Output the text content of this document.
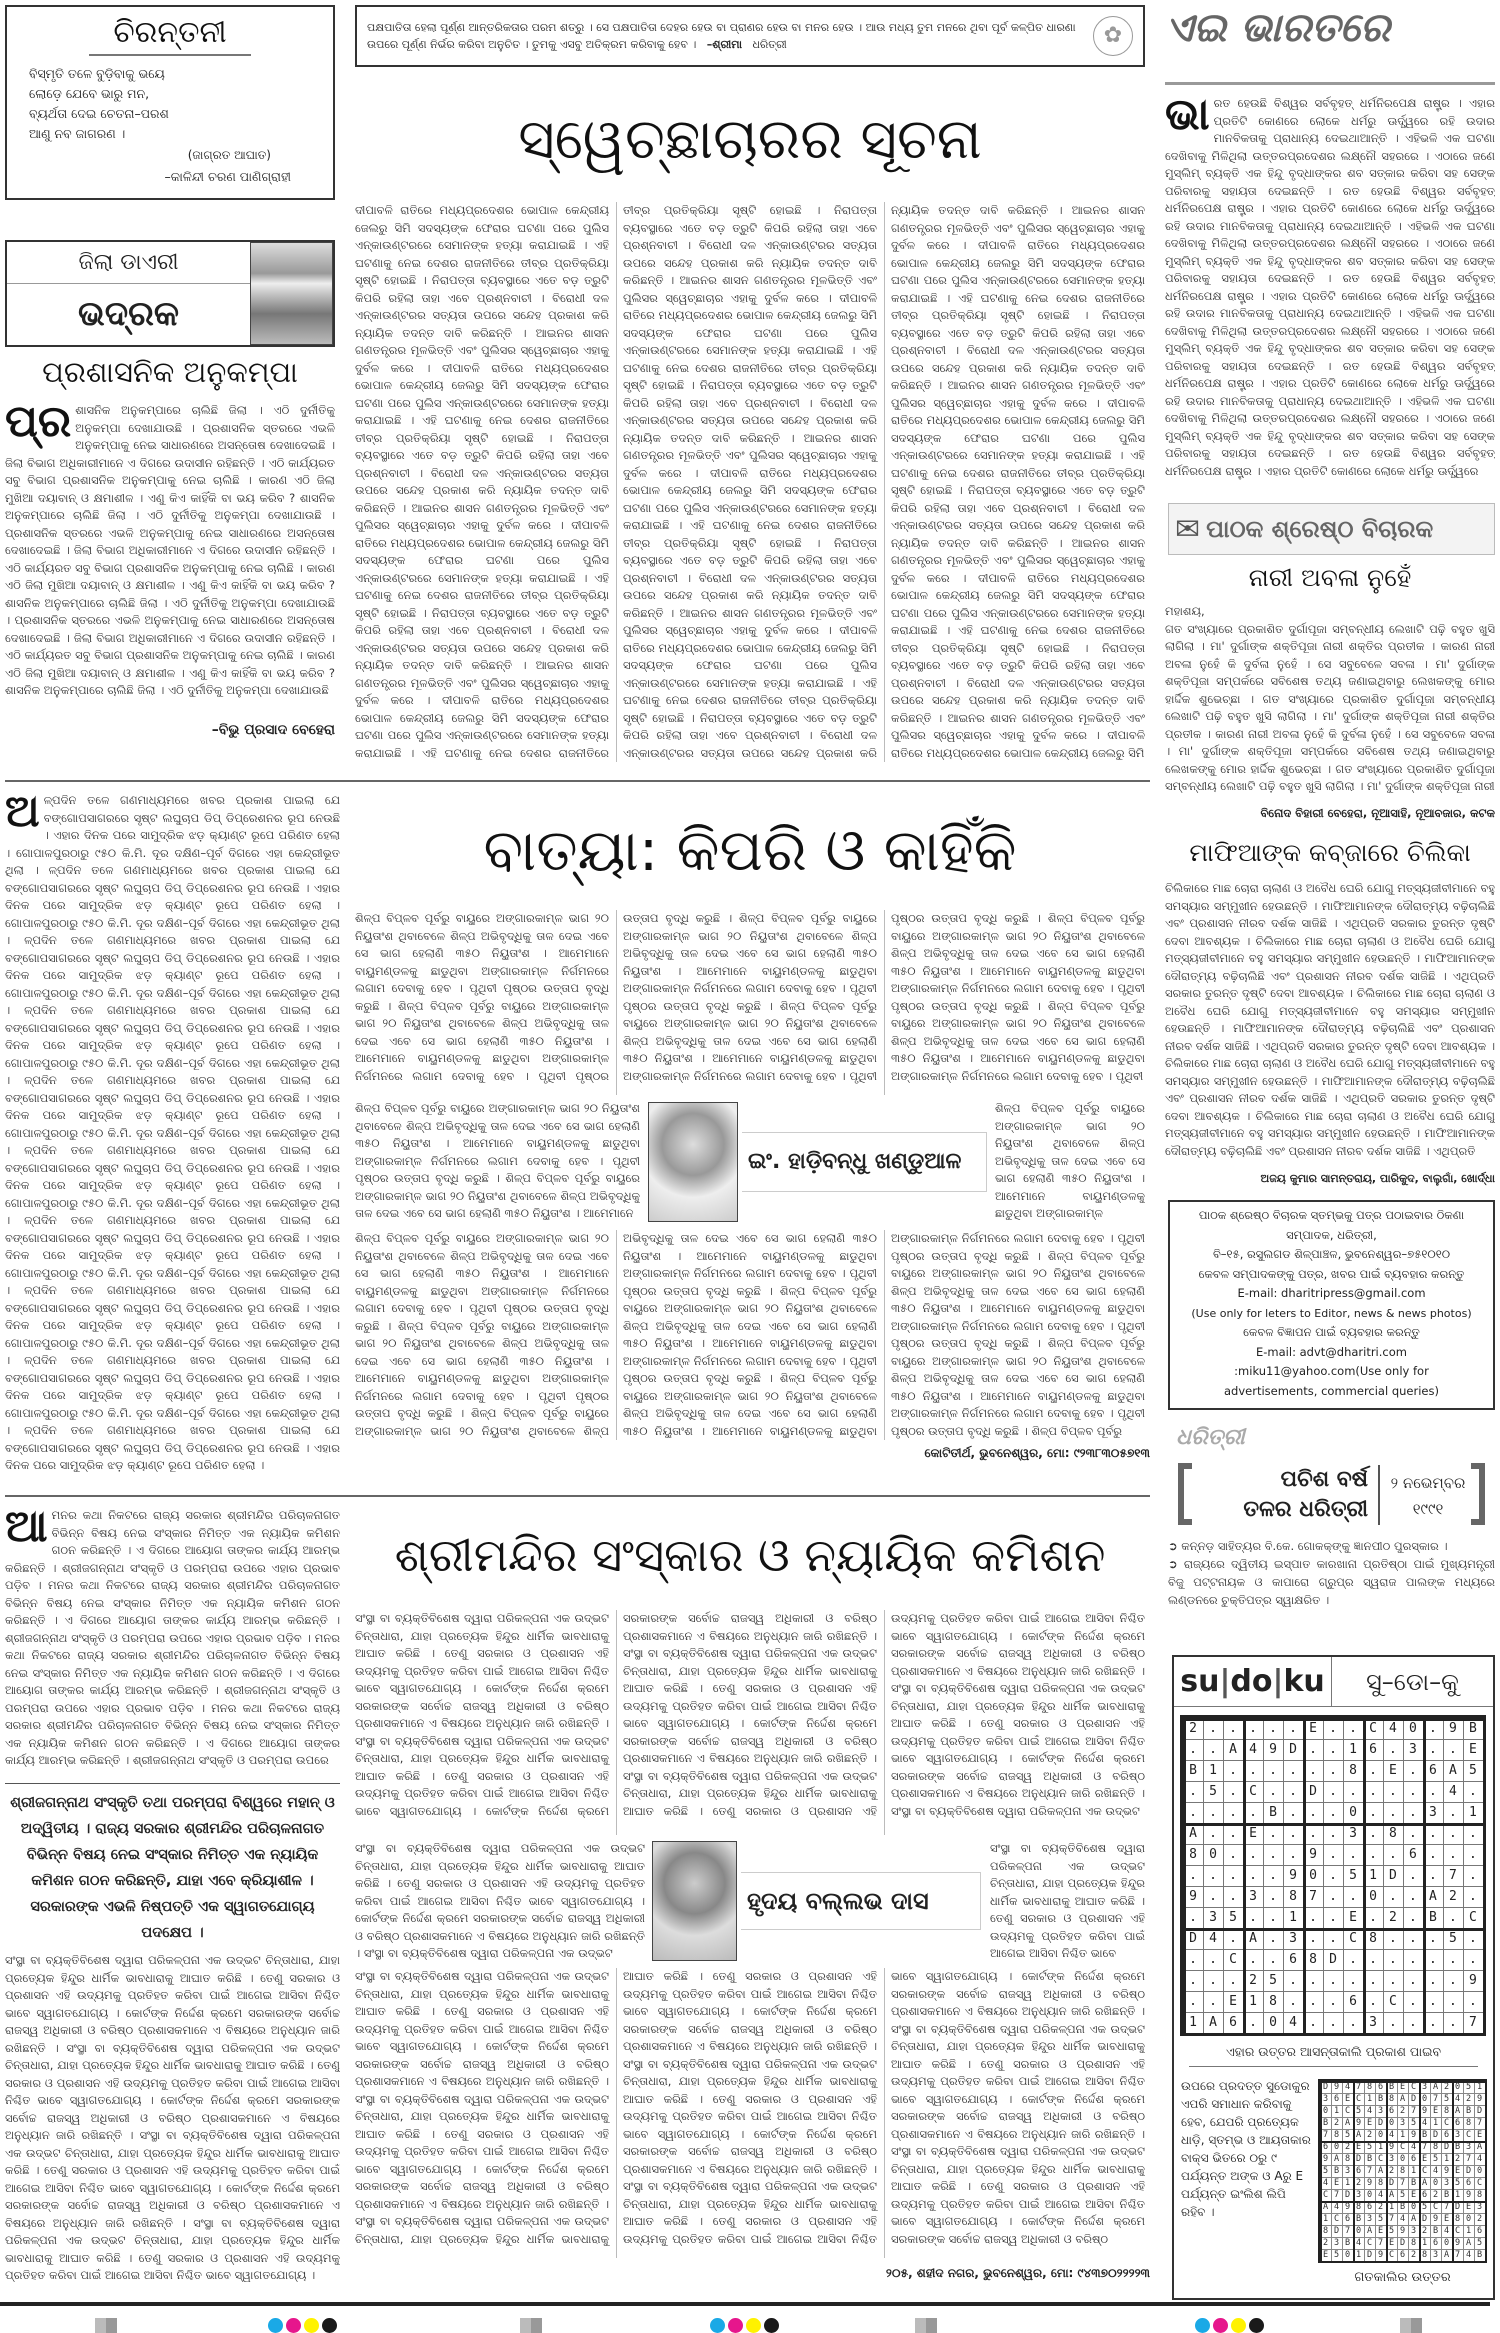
ଚିରନ୍ତନୀ
ବିସ୍ମୃତି ତଳେ ବୁଡ଼ିବାକୁ ଭୟେ
ଲୋଡ଼େ ଯେବେ ଭାରୁ ମନ,
ବ୍ୟର୍ଥତା ଦେଇ ଚେତନା–ପରଶ
ଆଣୁ ନବ ଜାଗରଣ ।
(ଜାଗ୍ରତ ଆଘାତ)
–କାଳିନ୍ଦୀ ଚରଣ ପାଣିଗ୍ରାହୀ
ଜିଲା ଡାଏରୀ
ଭଦ୍ରକ
ପ୍ରଶାସନିକ ଅନୁକମ୍ପା
ପ୍ର ଶାସନିକ ଅନୁକମ୍ପାରେ ଚାଲିଛି ଜିଲା । ଏଠି ଦୁର୍ନୀତିକୁ ଅନୁକମ୍ପା ଦେଖାଯାଉଛି । ପ୍ରଶାସନିକ ସ୍ତରରେ ଏଭଳି ଅନୁକମ୍ପାକୁ ନେଇ ସାଧାରଣରେ ଅସନ୍ତୋଷ ଦେଖାଦେଇଛି । ଜିଲା ବିଭାଗ ଅଧିକାରୀମାନେ ଏ ଦିଗରେ ଉଦାସୀନ ରହିଛନ୍ତି । ଏଠି କାର୍ଯ୍ୟରତ ସବୁ ବିଭାଗ ପ୍ରଶାସନିକ ଅନୁକମ୍ପାକୁ ନେଇ ଚାଲିଛି । କାରଣ ଏଠି ଜିଲା ମୁଖିଆ ଦୟାବାନ୍ ଓ କ୍ଷମାଶୀଳ । ଏଣୁ କିଏ କାହିଁକି ବା ଭୟ କରିବ ? ଶାସନିକ ଅନୁକମ୍ପାରେ ଚାଲିଛି ଜିଲା । ଏଠି ଦୁର୍ନୀତିକୁ ଅନୁକମ୍ପା ଦେଖାଯାଉଛି । ପ୍ରଶାସନିକ ସ୍ତରରେ ଏଭଳି ଅନୁକମ୍ପାକୁ ନେଇ ସାଧାରଣରେ ଅସନ୍ତୋଷ ଦେଖାଦେଇଛି । ଜିଲା ବିଭାଗ ଅଧିକାରୀମାନେ ଏ ଦିଗରେ ଉଦାସୀନ ରହିଛନ୍ତି । ଏଠି କାର୍ଯ୍ୟରତ ସବୁ ବିଭାଗ ପ୍ରଶାସନିକ ଅନୁକମ୍ପାକୁ ନେଇ ଚାଲିଛି । କାରଣ ଏଠି ଜିଲା ମୁଖିଆ ଦୟାବାନ୍ ଓ କ୍ଷମାଶୀଳ । ଏଣୁ କିଏ କାହିଁକି ବା ଭୟ କରିବ ? ଶାସନିକ ଅନୁକମ୍ପାରେ ଚାଲିଛି ଜିଲା । ଏଠି ଦୁର୍ନୀତିକୁ ଅନୁକମ୍ପା ଦେଖାଯାଉଛି । ପ୍ରଶାସନିକ ସ୍ତରରେ ଏଭଳି ଅନୁକମ୍ପାକୁ ନେଇ ସାଧାରଣରେ ଅସନ୍ତୋଷ ଦେଖାଦେଇଛି । ଜିଲା ବିଭାଗ ଅଧିକାରୀମାନେ ଏ ଦିଗରେ ଉଦାସୀନ ରହିଛନ୍ତି । ଏଠି କାର୍ଯ୍ୟରତ ସବୁ ବିଭାଗ ପ୍ରଶାସନିକ ଅନୁକମ୍ପାକୁ ନେଇ ଚାଲିଛି । କାରଣ ଏଠି ଜିଲା ମୁଖିଆ ଦୟାବାନ୍ ଓ କ୍ଷମାଶୀଳ । ଏଣୁ କିଏ କାହିଁକି ବା ଭୟ କରିବ ? ଶାସନିକ ଅନୁକମ୍ପାରେ ଚାଲିଛି ଜିଲା । ଏଠି ଦୁର୍ନୀତିକୁ ଅନୁକମ୍ପା ଦେଖାଯାଉଛି
–ବିଭୁ ପ୍ରସାଦ ବେହେରା
ପକ୍ଷପାତିତା ହେଲା ପୂର୍ଣ୍ଣ ଆନ୍ତରିକତାର ପରମ ଶତ୍ରୁ । ସେ ପକ୍ଷପାତିତା ଦେହର ହେଉ ବା ପ୍ରାଣର ହେଉ ବା ମନର ହେଉ । ଆଉ ମଧ୍ୟ ତୁମ ମନରେ ଥିବା ପୂର୍ବ କଳ୍ପିତ ଧାରଣା ଉପରେ ପୂର୍ଣ୍ଣ ନିର୍ଭର କରିବା ଅନୁଚିତ । ତୁମକୁ ଏସବୁ ଅତିକ୍ରମ କରିବାକୁ ହେବ । –ଶ୍ରୀମା ଧରିତ୍ରୀ	✿
ସ୍ୱେଚ୍ଛାଚାରର ସୂଚନା
ଦୀପାବଳି ରାତିରେ ମଧ୍ୟପ୍ରଦେଶର ଭୋପାଳ କେନ୍ଦ୍ରୀୟ ଜେଲରୁ ସିମି ସଦସ୍ୟଙ୍କ ଫେରାର ଘଟଣା ପରେ ପୁଲିସ ଏନ୍‌କାଉଣ୍ଟରରେ ସେମାନଙ୍କ ହତ୍ୟା କରାଯାଇଛି । ଏହି ଘଟଣାକୁ ନେଇ ଦେଶର ରାଜନୀତିରେ ତୀବ୍ର ପ୍ରତିକ୍ରିୟା ସୃଷ୍ଟି ହୋଇଛି । ନିରାପତ୍ତା ବ୍ୟବସ୍ଥାରେ ଏତେ ବଡ଼ ତ୍ରୁଟି କିପରି ରହିଲା ତାହା ଏବେ ପ୍ରଶ୍ନବାଚୀ । ବିରୋଧୀ ଦଳ ଏନ୍‌କାଉଣ୍ଟରର ସତ୍ୟତା ଉପରେ ସନ୍ଦେହ ପ୍ରକାଶ କରି ନ୍ୟାୟିକ ତଦନ୍ତ ଦାବି କରିଛନ୍ତି । ଆଇନର ଶାସନ ଗଣତନ୍ତ୍ରର ମୂଳଭିତ୍ତି ଏବଂ ପୁଲିସର ସ୍ୱେଚ୍ଛାଚାର ଏହାକୁ ଦୁର୍ବଳ କରେ । ଦୀପାବଳି ରାତିରେ ମଧ୍ୟପ୍ରଦେଶର ଭୋପାଳ କେନ୍ଦ୍ରୀୟ ଜେଲରୁ ସିମି ସଦସ୍ୟଙ୍କ ଫେରାର ଘଟଣା ପରେ ପୁଲିସ ଏନ୍‌କାଉଣ୍ଟରରେ ସେମାନଙ୍କ ହତ୍ୟା କରାଯାଇଛି । ଏହି ଘଟଣାକୁ ନେଇ ଦେଶର ରାଜନୀତିରେ ତୀବ୍ର ପ୍ରତିକ୍ରିୟା ସୃଷ୍ଟି ହୋଇଛି । ନିରାପତ୍ତା ବ୍ୟବସ୍ଥାରେ ଏତେ ବଡ଼ ତ୍ରୁଟି କିପରି ରହିଲା ତାହା ଏବେ ପ୍ରଶ୍ନବାଚୀ । ବିରୋଧୀ ଦଳ ଏନ୍‌କାଉଣ୍ଟରର ସତ୍ୟତା ଉପରେ ସନ୍ଦେହ ପ୍ରକାଶ କରି ନ୍ୟାୟିକ ତଦନ୍ତ ଦାବି କରିଛନ୍ତି । ଆଇନର ଶାସନ ଗଣତନ୍ତ୍ରର ମୂଳଭିତ୍ତି ଏବଂ ପୁଲିସର ସ୍ୱେଚ୍ଛାଚାର ଏହାକୁ ଦୁର୍ବଳ କରେ । ଦୀପାବଳି ରାତିରେ ମଧ୍ୟପ୍ରଦେଶର ଭୋପାଳ କେନ୍ଦ୍ରୀୟ ଜେଲରୁ ସିମି ସଦସ୍ୟଙ୍କ ଫେରାର ଘଟଣା ପରେ ପୁଲିସ ଏନ୍‌କାଉଣ୍ଟରରେ ସେମାନଙ୍କ ହତ୍ୟା କରାଯାଇଛି । ଏହି ଘଟଣାକୁ ନେଇ ଦେଶର ରାଜନୀତିରେ ତୀବ୍ର ପ୍ରତିକ୍ରିୟା ସୃଷ୍ଟି ହୋଇଛି । ନିରାପତ୍ତା ବ୍ୟବସ୍ଥାରେ ଏତେ ବଡ଼ ତ୍ରୁଟି କିପରି ରହିଲା ତାହା ଏବେ ପ୍ରଶ୍ନବାଚୀ । ବିରୋଧୀ ଦଳ ଏନ୍‌କାଉଣ୍ଟରର ସତ୍ୟତା ଉପରେ ସନ୍ଦେହ ପ୍ରକାଶ କରି ନ୍ୟାୟିକ ତଦନ୍ତ ଦାବି କରିଛନ୍ତି । ଆଇନର ଶାସନ ଗଣତନ୍ତ୍ରର ମୂଳଭିତ୍ତି ଏବଂ ପୁଲିସର ସ୍ୱେଚ୍ଛାଚାର ଏହାକୁ ଦୁର୍ବଳ କରେ । ଦୀପାବଳି ରାତିରେ ମଧ୍ୟପ୍ରଦେଶର ଭୋପାଳ କେନ୍ଦ୍ରୀୟ ଜେଲରୁ ସିମି ସଦସ୍ୟଙ୍କ ଫେରାର ଘଟଣା ପରେ ପୁଲିସ ଏନ୍‌କାଉଣ୍ଟରରେ ସେମାନଙ୍କ ହତ୍ୟା କରାଯାଇଛି । ଏହି ଘଟଣାକୁ ନେଇ ଦେଶର ରାଜନୀତିରେ ତୀବ୍ର ପ୍ରତିକ୍ରିୟା ସୃଷ୍ଟି ହୋଇଛି । ନିରାପତ୍ତା ବ୍ୟବସ୍ଥାରେ ଏତେ ବଡ଼ ତ୍ରୁଟି କିପରି ରହିଲା ତାହା ଏବେ ପ୍ରଶ୍ନବାଚୀ । ବିରୋଧୀ ଦଳ ଏନ୍‌କାଉଣ୍ଟରର ସତ୍ୟତା ଉପରେ ସନ୍ଦେହ ପ୍ରକାଶ କରି ନ୍ୟାୟିକ ତଦନ୍ତ ଦାବି କରିଛନ୍ତି । ଆଇନର ଶାସନ ଗଣତନ୍ତ୍ରର ମୂଳଭିତ୍ତି ଏବଂ ପୁଲିସର ସ୍ୱେଚ୍ଛାଚାର ଏହାକୁ ଦୁର୍ବଳ କରେ । ଦୀପାବଳି ରାତିରେ ମଧ୍ୟପ୍ରଦେଶର ଭୋପାଳ କେନ୍ଦ୍ରୀୟ ଜେଲରୁ ସିମି ସଦସ୍ୟଙ୍କ ଫେରାର ଘଟଣା ପରେ ପୁଲିସ ଏନ୍‌କାଉଣ୍ଟରରେ ସେମାନଙ୍କ ହତ୍ୟା କରାଯାଇଛି । ଏହି ଘଟଣାକୁ ନେଇ ଦେଶର ରାଜନୀତିରେ ତୀବ୍ର ପ୍ରତିକ୍ରିୟା ସୃଷ୍ଟି ହୋଇଛି । ନିରାପତ୍ତା ବ୍ୟବସ୍ଥାରେ ଏତେ ବଡ଼ ତ୍ରୁଟି କିପରି ରହିଲା ତାହା ଏବେ ପ୍ରଶ୍ନବାଚୀ । ବିରୋଧୀ ଦଳ ଏନ୍‌କାଉଣ୍ଟରର ସତ୍ୟତା ଉପରେ ସନ୍ଦେହ ପ୍ରକାଶ କରି ନ୍ୟାୟିକ ତଦନ୍ତ ଦାବି କରିଛନ୍ତି । ଆଇନର ଶାସନ ଗଣତନ୍ତ୍ରର ମୂଳଭିତ୍ତି ଏବଂ ପୁଲିସର ସ୍ୱେଚ୍ଛାଚାର ଏହାକୁ ଦୁର୍ବଳ କରେ । ଦୀପାବଳି ରାତିରେ ମଧ୍ୟପ୍ରଦେଶର ଭୋପାଳ କେନ୍ଦ୍ରୀୟ ଜେଲରୁ ସିମି ସଦସ୍ୟଙ୍କ ଫେରାର ଘଟଣା ପରେ ପୁଲିସ ଏନ୍‌କାଉଣ୍ଟରରେ ସେମାନଙ୍କ ହତ୍ୟା କରାଯାଇଛି । ଏହି ଘଟଣାକୁ ନେଇ ଦେଶର ରାଜନୀତିରେ ତୀବ୍ର ପ୍ରତିକ୍ରିୟା ସୃଷ୍ଟି ହୋଇଛି । ନିରାପତ୍ତା ବ୍ୟବସ୍ଥାରେ ଏତେ ବଡ଼ ତ୍ରୁଟି କିପରି ରହିଲା ତାହା ଏବେ ପ୍ରଶ୍ନବାଚୀ । ବିରୋଧୀ ଦଳ ଏନ୍‌କାଉଣ୍ଟରର ସତ୍ୟତା ଉପରେ ସନ୍ଦେହ ପ୍ରକାଶ କରି ନ୍ୟାୟିକ ତଦନ୍ତ ଦାବି କରିଛନ୍ତି । ଆଇନର ଶାସନ ଗଣତନ୍ତ୍ରର ମୂଳଭିତ୍ତି ଏବଂ ପୁଲିସର ସ୍ୱେଚ୍ଛାଚାର ଏହାକୁ ଦୁର୍ବଳ କରେ । ଦୀପାବଳି ରାତିରେ ମଧ୍ୟପ୍ରଦେଶର ଭୋପାଳ କେନ୍ଦ୍ରୀୟ ଜେଲରୁ ସିମି ସଦସ୍ୟଙ୍କ ଫେରାର ଘଟଣା ପରେ ପୁଲିସ ଏନ୍‌କାଉଣ୍ଟରରେ ସେମାନଙ୍କ ହତ୍ୟା କରାଯାଇଛି । ଏହି ଘଟଣାକୁ ନେଇ ଦେଶର ରାଜନୀତିରେ ତୀବ୍ର ପ୍ରତିକ୍ରିୟା ସୃଷ୍ଟି ହୋଇଛି । ନିରାପତ୍ତା ବ୍ୟବସ୍ଥାରେ ଏତେ ବଡ଼ ତ୍ରୁଟି କିପରି ରହିଲା ତାହା ଏବେ ପ୍ରଶ୍ନବାଚୀ । ବିରୋଧୀ ଦଳ ଏନ୍‌କାଉଣ୍ଟରର ସତ୍ୟତା ଉପରେ ସନ୍ଦେହ ପ୍ରକାଶ କରି ନ୍ୟାୟିକ ତଦନ୍ତ ଦାବି କରିଛନ୍ତି । ଆଇନର ଶାସନ ଗଣତନ୍ତ୍ରର ମୂଳଭିତ୍ତି ଏବଂ ପୁଲିସର ସ୍ୱେଚ୍ଛାଚାର ଏହାକୁ ଦୁର୍ବଳ କରେ । ଦୀପାବଳି ରାତିରେ ମଧ୍ୟପ୍ରଦେଶର ଭୋପାଳ କେନ୍ଦ୍ରୀୟ ଜେଲରୁ ସିମି ସଦସ୍ୟଙ୍କ ଫେରାର ଘଟଣା ପରେ ପୁଲିସ ଏନ୍‌କାଉଣ୍ଟରରେ ସେମାନଙ୍କ ହତ୍ୟା କରାଯାଇଛି । ଏହି ଘଟଣାକୁ ନେଇ ଦେଶର ରାଜନୀତିରେ ତୀବ୍ର ପ୍ରତିକ୍ରିୟା ସୃଷ୍ଟି ହୋଇଛି । ନିରାପତ୍ତା ବ୍ୟବସ୍ଥାରେ ଏତେ ବଡ଼ ତ୍ରୁଟି କିପରି ରହିଲା ତାହା ଏବେ ପ୍ରଶ୍ନବାଚୀ । ବିରୋଧୀ ଦଳ ଏନ୍‌କାଉଣ୍ଟରର ସତ୍ୟତା ଉପରେ ସନ୍ଦେହ ପ୍ରକାଶ କରି ନ୍ୟାୟିକ ତଦନ୍ତ ଦାବି କରିଛନ୍ତି । ଆଇନର ଶାସନ ଗଣତନ୍ତ୍ରର ମୂଳଭିତ୍ତି ଏବଂ ପୁଲିସର ସ୍ୱେଚ୍ଛାଚାର ଏହାକୁ ଦୁର୍ବଳ କରେ । ଦୀପାବଳି ରାତିରେ ମଧ୍ୟପ୍ରଦେଶର ଭୋପାଳ କେନ୍ଦ୍ରୀୟ ଜେଲରୁ ସିମି ସଦସ୍ୟଙ୍କ ଫେରାର ଘଟଣା ପରେ ପୁଲିସ ଏନ୍‌କାଉଣ୍ଟରରେ ସେମାନଙ୍କ ହତ୍ୟା କରାଯାଇଛି । ଏହି ଘଟଣାକୁ ନେଇ ଦେଶର ରାଜନୀତିରେ ତୀବ୍ର ପ୍ରତିକ୍ରିୟା ସୃଷ୍ଟି ହୋଇଛି । ନିରାପତ୍ତା ବ୍ୟବସ୍ଥାରେ ଏତେ ବଡ଼ ତ୍ରୁଟି କିପରି ରହିଲା ତାହା ଏବେ ପ୍ରଶ୍ନବାଚୀ । ବିରୋଧୀ ଦଳ ଏନ୍‌କାଉଣ୍ଟରର ସତ୍ୟତା ଉପରେ ସନ୍ଦେହ ପ୍ରକାଶ କରି ନ୍ୟାୟିକ ତଦନ୍ତ ଦାବି କରିଛନ୍ତି । ଆଇନର ଶାସନ ଗଣତନ୍ତ୍ରର ମୂଳଭିତ୍ତି ଏବଂ ପୁଲିସର ସ୍ୱେଚ୍ଛାଚାର ଏହାକୁ ଦୁର୍ବଳ କରେ । ଦୀପାବଳି ରାତିରେ ମଧ୍ୟପ୍ରଦେଶର ଭୋପାଳ କେନ୍ଦ୍ରୀୟ ଜେଲରୁ ସିମି ସଦସ୍ୟଙ୍କ ଫେରାର ଘଟଣା ପରେ ପୁଲିସ ଏନ୍‌କାଉଣ୍ଟରରେ ସେମାନଙ୍କ ହତ୍ୟା କରାଯାଇଛି । ଏହି ଘଟଣାକୁ ନେଇ ଦେଶର ରାଜନୀତିରେ ତୀବ୍ର ପ୍ରତିକ୍ରିୟା ସୃଷ୍ଟି ହୋଇଛି । ନିରାପତ୍ତା ବ୍ୟବସ୍ଥାରେ ଏତେ ବଡ଼ ତ୍ରୁଟି କିପରି ରହିଲା ତାହା ଏବେ ପ୍ରଶ୍ନବାଚୀ । ବିରୋଧୀ ଦଳ ଏନ୍‌କାଉଣ୍ଟରର ସତ୍ୟତା ଉପରେ ସନ୍ଦେହ ପ୍ରକାଶ କରି ନ୍ୟାୟିକ ତଦନ୍ତ ଦାବି କରିଛନ୍ତି । ଆଇନର ଶାସନ ଗଣତନ୍ତ୍ରର ମୂଳଭିତ୍ତି ଏବଂ ପୁଲିସର ସ୍ୱେଚ୍ଛାଚାର ଏହାକୁ ଦୁର୍ବଳ କରେ । ଦୀପାବଳି ରାତିରେ ମଧ୍ୟପ୍ରଦେଶର ଭୋପାଳ କେନ୍ଦ୍ରୀୟ ଜେଲରୁ ସିମି
ଏଇ ଭାରତରେ
ଭାରତ ହେଉଛି ବିଶ୍ୱର ସର୍ବବୃହତ୍ ଧର୍ମନିରପେକ୍ଷ ରାଷ୍ଟ୍ର । ଏହାର ପ୍ରତିଟି କୋଣରେ ଲୋକେ ଧର୍ମରୁ ଊର୍ଦ୍ଧ୍ୱରେ ରହି ଉଦାର ମାନବିକତାକୁ ପ୍ରାଧାନ୍ୟ ଦେଇଥାଆନ୍ତି । ଏହିଭଳି ଏକ ଘଟଣା ଦେଖିବାକୁ ମିଳିଥିଲା ଉତ୍ତରପ୍ରଦେଶର ଲକ୍ଷ୍ନୌ ସହରରେ । ଏଠାରେ ଜଣେ ମୁସ୍‌ଲିମ୍ ବ୍ୟକ୍ତି ଏକ ହିନ୍ଦୁ ବୃଦ୍ଧାଙ୍କର ଶବ ସତ୍କାର କରିବା ସହ ସେଙ୍କ ପରିବାରକୁ ସହାୟତା ଦେଇଛନ୍ତି । ରତ ହେଉଛି ବିଶ୍ୱର ସର୍ବବୃହତ୍ ଧର୍ମନିରପେକ୍ଷ ରାଷ୍ଟ୍ର । ଏହାର ପ୍ରତିଟି କୋଣରେ ଲୋକେ ଧର୍ମରୁ ଊର୍ଦ୍ଧ୍ୱରେ ରହି ଉଦାର ମାନବିକତାକୁ ପ୍ରାଧାନ୍ୟ ଦେଇଥାଆନ୍ତି । ଏହିଭଳି ଏକ ଘଟଣା ଦେଖିବାକୁ ମିଳିଥିଲା ଉତ୍ତରପ୍ରଦେଶର ଲକ୍ଷ୍ନୌ ସହରରେ । ଏଠାରେ ଜଣେ ମୁସ୍‌ଲିମ୍ ବ୍ୟକ୍ତି ଏକ ହିନ୍ଦୁ ବୃଦ୍ଧାଙ୍କର ଶବ ସତ୍କାର କରିବା ସହ ସେଙ୍କ ପରିବାରକୁ ସହାୟତା ଦେଇଛନ୍ତି । ରତ ହେଉଛି ବିଶ୍ୱର ସର୍ବବୃହତ୍ ଧର୍ମନିରପେକ୍ଷ ରାଷ୍ଟ୍ର । ଏହାର ପ୍ରତିଟି କୋଣରେ ଲୋକେ ଧର୍ମରୁ ଊର୍ଦ୍ଧ୍ୱରେ ରହି ଉଦାର ମାନବିକତାକୁ ପ୍ରାଧାନ୍ୟ ଦେଇଥାଆନ୍ତି । ଏହିଭଳି ଏକ ଘଟଣା ଦେଖିବାକୁ ମିଳିଥିଲା ଉତ୍ତରପ୍ରଦେଶର ଲକ୍ଷ୍ନୌ ସହରରେ । ଏଠାରେ ଜଣେ ମୁସ୍‌ଲିମ୍ ବ୍ୟକ୍ତି ଏକ ହିନ୍ଦୁ ବୃଦ୍ଧାଙ୍କର ଶବ ସତ୍କାର କରିବା ସହ ସେଙ୍କ ପରିବାରକୁ ସହାୟତା ଦେଇଛନ୍ତି । ରତ ହେଉଛି ବିଶ୍ୱର ସର୍ବବୃହତ୍ ଧର୍ମନିରପେକ୍ଷ ରାଷ୍ଟ୍ର । ଏହାର ପ୍ରତିଟି କୋଣରେ ଲୋକେ ଧର୍ମରୁ ଊର୍ଦ୍ଧ୍ୱରେ ରହି ଉଦାର ମାନବିକତାକୁ ପ୍ରାଧାନ୍ୟ ଦେଇଥାଆନ୍ତି । ଏହିଭଳି ଏକ ଘଟଣା ଦେଖିବାକୁ ମିଳିଥିଲା ଉତ୍ତରପ୍ରଦେଶର ଲକ୍ଷ୍ନୌ ସହରରେ । ଏଠାରେ ଜଣେ ମୁସ୍‌ଲିମ୍ ବ୍ୟକ୍ତି ଏକ ହିନ୍ଦୁ ବୃଦ୍ଧାଙ୍କର ଶବ ସତ୍କାର କରିବା ସହ ସେଙ୍କ ପରିବାରକୁ ସହାୟତା ଦେଇଛନ୍ତି । ରତ ହେଉଛି ବିଶ୍ୱର ସର୍ବବୃହତ୍ ଧର୍ମନିରପେକ୍ଷ ରାଷ୍ଟ୍ର । ଏହାର ପ୍ରତିଟି କୋଣରେ ଲୋକେ ଧର୍ମରୁ ଊର୍ଦ୍ଧ୍ୱରେ
✉ ପାଠକ ଶ୍ରେଷ୍ଠ ବିଚାରକ
ନାରୀ ଅବଳା ନୁହେଁ
ମହାଶୟ,
ଗତ ସଂଖ୍ୟାରେ ପ୍ରକାଶିତ ଦୁର୍ଗାପୂଜା ସମ୍ବନ୍ଧୀୟ ଲେଖାଟି ପଢ଼ି ବହୁତ ଖୁସି ଲାଗିଲା । ମା' ଦୁର୍ଗାଙ୍କ ଶକ୍ତିପୂଜା ନାରୀ ଶକ୍ତିର ପ୍ରତୀକ । କାରଣ ନାରୀ ଅବଳା ନୁହେଁ କି ଦୁର୍ବଳା ନୁହେଁ । ସେ ସବୁବେଳେ ସବଳା । ମା' ଦୁର୍ଗାଙ୍କ ଶକ୍ତିପୂଜା ସମ୍ପର୍କରେ ସବିଶେଷ ତଥ୍ୟ ଜଣାଇଥିବାରୁ ଲେଖକଙ୍କୁ ମୋର ହାର୍ଦ୍ଦିକ ଶୁଭେଚ୍ଛା । ଗତ ସଂଖ୍ୟାରେ ପ୍ରକାଶିତ ଦୁର୍ଗାପୂଜା ସମ୍ବନ୍ଧୀୟ ଲେଖାଟି ପଢ଼ି ବହୁତ ଖୁସି ଲାଗିଲା । ମା' ଦୁର୍ଗାଙ୍କ ଶକ୍ତିପୂଜା ନାରୀ ଶକ୍ତିର ପ୍ରତୀକ । କାରଣ ନାରୀ ଅବଳା ନୁହେଁ କି ଦୁର୍ବଳା ନୁହେଁ । ସେ ସବୁବେଳେ ସବଳା । ମା' ଦୁର୍ଗାଙ୍କ ଶକ୍ତିପୂଜା ସମ୍ପର୍କରେ ସବିଶେଷ ତଥ୍ୟ ଜଣାଇଥିବାରୁ ଲେଖକଙ୍କୁ ମୋର ହାର୍ଦ୍ଦିକ ଶୁଭେଚ୍ଛା । ଗତ ସଂଖ୍ୟାରେ ପ୍ରକାଶିତ ଦୁର୍ଗାପୂଜା ସମ୍ବନ୍ଧୀୟ ଲେଖାଟି ପଢ଼ି ବହୁତ ଖୁସି ଲାଗିଲା । ମା' ଦୁର୍ଗାଙ୍କ ଶକ୍ତିପୂଜା ନାରୀ
ବିନୋଦ ବିହାରୀ ବେହେରା, ନୂଆସାହି, ନୂଆବଜାର, କଟକ
ମାଫିଆଙ୍କ କବ୍‌ଜାରେ ଚିଲିକା
ଚିଲିକାରେ ମାଛ ଚୋରା ଚାଲାଣ ଓ ଅବୈଧ ଘେରି ଯୋଗୁ ମତ୍ସ୍ୟଜୀବୀମାନେ ବହୁ ସମସ୍ୟାର ସମ୍ମୁଖୀନ ହେଉଛନ୍ତି । ମାଫିଆମାନଙ୍କ ଦୌରାତ୍ମ୍ୟ ବଢ଼ିଚାଲିଛି ଏବଂ ପ୍ରଶାସନ ନୀରବ ଦର୍ଶକ ସାଜିଛି । ଏଥିପ୍ରତି ସରକାର ତୁରନ୍ତ ଦୃଷ୍ଟି ଦେବା ଆବଶ୍ୟକ । ଚିଲିକାରେ ମାଛ ଚୋରା ଚାଲାଣ ଓ ଅବୈଧ ଘେରି ଯୋଗୁ ମତ୍ସ୍ୟଜୀବୀମାନେ ବହୁ ସମସ୍ୟାର ସମ୍ମୁଖୀନ ହେଉଛନ୍ତି । ମାଫିଆମାନଙ୍କ ଦୌରାତ୍ମ୍ୟ ବଢ଼ିଚାଲିଛି ଏବଂ ପ୍ରଶାସନ ନୀରବ ଦର୍ଶକ ସାଜିଛି । ଏଥିପ୍ରତି ସରକାର ତୁରନ୍ତ ଦୃଷ୍ଟି ଦେବା ଆବଶ୍ୟକ । ଚିଲିକାରେ ମାଛ ଚୋରା ଚାଲାଣ ଓ ଅବୈଧ ଘେରି ଯୋଗୁ ମତ୍ସ୍ୟଜୀବୀମାନେ ବହୁ ସମସ୍ୟାର ସମ୍ମୁଖୀନ ହେଉଛନ୍ତି । ମାଫିଆମାନଙ୍କ ଦୌରାତ୍ମ୍ୟ ବଢ଼ିଚାଲିଛି ଏବଂ ପ୍ରଶାସନ ନୀରବ ଦର୍ଶକ ସାଜିଛି । ଏଥିପ୍ରତି ସରକାର ତୁରନ୍ତ ଦୃଷ୍ଟି ଦେବା ଆବଶ୍ୟକ । ଚିଲିକାରେ ମାଛ ଚୋରା ଚାଲାଣ ଓ ଅବୈଧ ଘେରି ଯୋଗୁ ମତ୍ସ୍ୟଜୀବୀମାନେ ବହୁ ସମସ୍ୟାର ସମ୍ମୁଖୀନ ହେଉଛନ୍ତି । ମାଫିଆମାନଙ୍କ ଦୌରାତ୍ମ୍ୟ ବଢ଼ିଚାଲିଛି ଏବଂ ପ୍ରଶାସନ ନୀରବ ଦର୍ଶକ ସାଜିଛି । ଏଥିପ୍ରତି ସରକାର ତୁରନ୍ତ ଦୃଷ୍ଟି ଦେବା ଆବଶ୍ୟକ । ଚିଲିକାରେ ମାଛ ଚୋରା ଚାଲାଣ ଓ ଅବୈଧ ଘେରି ଯୋଗୁ ମତ୍ସ୍ୟଜୀବୀମାନେ ବହୁ ସମସ୍ୟାର ସମ୍ମୁଖୀନ ହେଉଛନ୍ତି । ମାଫିଆମାନଙ୍କ ଦୌରାତ୍ମ୍ୟ ବଢ଼ିଚାଲିଛି ଏବଂ ପ୍ରଶାସନ ନୀରବ ଦର୍ଶକ ସାଜିଛି । ଏଥିପ୍ରତି
ଅଜୟ କୁମାର ସାମନ୍ତରାୟ, ପାରିକୁଦ, ବାଲୁଗାଁ, ଖୋର୍ଦ୍ଧା
ପାଠକ ଶ୍ରେଷ୍ଠ ବିଚାରକ ସ୍ତମ୍ଭକୁ ପତ୍ର ପଠାଇବାର ଠିକଣା
ସମ୍ପାଦକ, ଧରିତ୍ରୀ,
ବି–୧୫, ରସୁଲଗଡ ଶିଳ୍ପାଞ୍ଚଳ, ଭୁବନେଶ୍ୱର–୭୫୧୦୧୦
କେବଳ ସମ୍ପାଦକଙ୍କୁ ପତ୍ର, ଖବର ପାଇଁ ବ୍ୟବହାର କରନ୍ତୁ
E-mail: dharitripress@gmail.com
(Use only for leters to Editor, news & news photos)
କେବଳ ବିଜ୍ଞାପନ ପାଇଁ ବ୍ୟବହାର କରନ୍ତୁ
E-mail: advt@dharitri.com
:miku11@yahoo.com(Use only for
advertisements, commercial queries)
ଧରିତ୍ରୀ
ପଚିଶ ବର୍ଷ
ତଳର ଧରିତ୍ରୀ
୨ ନଭେମ୍ବର
୧୯୯୧
➲ କନ୍ନଡ଼ ସାହିତ୍ୟର ବି.କେ. ଗୋକକ୍‌ଙ୍କୁ ଜ୍ଞାନପୀଠ ପୁରସ୍କାର ।
➲ ରାଜ୍ୟରେ ଦ୍ୱିତୀୟ ଇସ୍ପାତ କାରଖାନା ପ୍ରତିଷ୍ଠା ପାଇଁ ମୁଖ୍ୟମନ୍ତ୍ରୀ ବିଜୁ ପଟ୍ଟନାୟକ ଓ କାପାରୋ ଗ୍ରୁପ୍‌ର ସ୍ୱରାଜ ପାଲଙ୍କ ମଧ୍ୟରେ ଲଣ୍ଡନରେ ଚୁକ୍ତିପତ୍ର ସ୍ୱାକ୍ଷରିତ ।
su|do|ku	ସୁ–ଡୋ–କୁ
2.....E..C40.9B
..A49D..16.3..E
B1......8.E.6A5
.5.C..D......4.
....B...0...3.1
A..E....3.8....
80....9....6...
.....90.51D..7.
9..3.87..0..A2.
.35..1..E.2.B.C
D4.A.3..C8...5.
..C..68D.......
...25.........9
..E18...6.C....
1A6.04...3....7
ଏହାର ଉତ୍ତର ଆସନ୍ତାକାଲି ପ୍ରକାଶ ପାଇବ
ଉପରେ ପ୍ରଦତ୍ତ ସୁଡୋକୁର ଏପରି ସମାଧାନ କରିବାକୁ ହେବ, ଯେପରି ପ୍ରତ୍ୟେକ ଧାଡ଼ି, ସ୍ତମ୍ଭ ଓ ଆୟତାକାର ବାକ୍ସ ଭିତରେ ୦ରୁ ୯ ପର୍ଯ୍ୟନ୍ତ ଅଙ୍କ ଓ Aରୁ E ପର୍ଯ୍ୟନ୍ତ ଇଂଲିଶ ଲିପି ରହିବ ।
D94786BEC3A2051
36EC1B8AD075429
01C5436279E8ABD
B2A9ED03541C687
785A20419BD63CE
602E519C478DB3A
9A8DBC306E51274
5B367A281C49ED0
4E1298D7BA0356C
C7D304A5E62B198
A498621B05C7DE3
1C6B3574AD9E802
8D70AE5932B4C16
23B4C7ED81609A5
E501D9C6283A74B
ଗତକାଲିର ଉତ୍ତର
ଅଳ୍ପଦିନ ତଳେ ଗଣମାଧ୍ୟମରେ ଖବର ପ୍ରକାଶ ପାଇଲା ଯେ ବଙ୍ଗୋପସାଗରରେ ସୃଷ୍ଟ ଲଘୁଚାପ ଡିପ୍ ଡିପ୍ରେଶନର ରୂପ ନେଉଛି । ଏହାର ଦିନକ ପରେ ସାମୁଦ୍ରିକ ଝଡ଼ କ୍ୟାଣ୍ଟ ରୂପେ ପରିଣତ ହେଲା । ଗୋପାଳପୁରଠାରୁ ୯୫୦ କି.ମି. ଦୂର ଦକ୍ଷିଣ–ପୂର୍ବ ଦିଗରେ ଏହା କେନ୍ଦ୍ରୀଭୂତ ଥିଲା । ଳ୍ପଦିନ ତଳେ ଗଣମାଧ୍ୟମରେ ଖବର ପ୍ରକାଶ ପାଇଲା ଯେ ବଙ୍ଗୋପସାଗରରେ ସୃଷ୍ଟ ଲଘୁଚାପ ଡିପ୍ ଡିପ୍ରେଶନର ରୂପ ନେଉଛି । ଏହାର ଦିନକ ପରେ ସାମୁଦ୍ରିକ ଝଡ଼ କ୍ୟାଣ୍ଟ ରୂପେ ପରିଣତ ହେଲା । ଗୋପାଳପୁରଠାରୁ ୯୫୦ କି.ମି. ଦୂର ଦକ୍ଷିଣ–ପୂର୍ବ ଦିଗରେ ଏହା କେନ୍ଦ୍ରୀଭୂତ ଥିଲା । ଳ୍ପଦିନ ତଳେ ଗଣମାଧ୍ୟମରେ ଖବର ପ୍ରକାଶ ପାଇଲା ଯେ ବଙ୍ଗୋପସାଗରରେ ସୃଷ୍ଟ ଲଘୁଚାପ ଡିପ୍ ଡିପ୍ରେଶନର ରୂପ ନେଉଛି । ଏହାର ଦିନକ ପରେ ସାମୁଦ୍ରିକ ଝଡ଼ କ୍ୟାଣ୍ଟ ରୂପେ ପରିଣତ ହେଲା । ଗୋପାଳପୁରଠାରୁ ୯୫୦ କି.ମି. ଦୂର ଦକ୍ଷିଣ–ପୂର୍ବ ଦିଗରେ ଏହା କେନ୍ଦ୍ରୀଭୂତ ଥିଲା । ଳ୍ପଦିନ ତଳେ ଗଣମାଧ୍ୟମରେ ଖବର ପ୍ରକାଶ ପାଇଲା ଯେ ବଙ୍ଗୋପସାଗରରେ ସୃଷ୍ଟ ଲଘୁଚାପ ଡିପ୍ ଡିପ୍ରେଶନର ରୂପ ନେଉଛି । ଏହାର ଦିନକ ପରେ ସାମୁଦ୍ରିକ ଝଡ଼ କ୍ୟାଣ୍ଟ ରୂପେ ପରିଣତ ହେଲା । ଗୋପାଳପୁରଠାରୁ ୯୫୦ କି.ମି. ଦୂର ଦକ୍ଷିଣ–ପୂର୍ବ ଦିଗରେ ଏହା କେନ୍ଦ୍ରୀଭୂତ ଥିଲା । ଳ୍ପଦିନ ତଳେ ଗଣମାଧ୍ୟମରେ ଖବର ପ୍ରକାଶ ପାଇଲା ଯେ ବଙ୍ଗୋପସାଗରରେ ସୃଷ୍ଟ ଲଘୁଚାପ ଡିପ୍ ଡିପ୍ରେଶନର ରୂପ ନେଉଛି । ଏହାର ଦିନକ ପରେ ସାମୁଦ୍ରିକ ଝଡ଼ କ୍ୟାଣ୍ଟ ରୂପେ ପରିଣତ ହେଲା । ଗୋପାଳପୁରଠାରୁ ୯୫୦ କି.ମି. ଦୂର ଦକ୍ଷିଣ–ପୂର୍ବ ଦିଗରେ ଏହା କେନ୍ଦ୍ରୀଭୂତ ଥିଲା । ଳ୍ପଦିନ ତଳେ ଗଣମାଧ୍ୟମରେ ଖବର ପ୍ରକାଶ ପାଇଲା ଯେ ବଙ୍ଗୋପସାଗରରେ ସୃଷ୍ଟ ଲଘୁଚାପ ଡିପ୍ ଡିପ୍ରେଶନର ରୂପ ନେଉଛି । ଏହାର ଦିନକ ପରେ ସାମୁଦ୍ରିକ ଝଡ଼ କ୍ୟାଣ୍ଟ ରୂପେ ପରିଣତ ହେଲା । ଗୋପାଳପୁରଠାରୁ ୯୫୦ କି.ମି. ଦୂର ଦକ୍ଷିଣ–ପୂର୍ବ ଦିଗରେ ଏହା କେନ୍ଦ୍ରୀଭୂତ ଥିଲା । ଳ୍ପଦିନ ତଳେ ଗଣମାଧ୍ୟମରେ ଖବର ପ୍ରକାଶ ପାଇଲା ଯେ ବଙ୍ଗୋପସାଗରରେ ସୃଷ୍ଟ ଲଘୁଚାପ ଡିପ୍ ଡିପ୍ରେଶନର ରୂପ ନେଉଛି । ଏହାର ଦିନକ ପରେ ସାମୁଦ୍ରିକ ଝଡ଼ କ୍ୟାଣ୍ଟ ରୂପେ ପରିଣତ ହେଲା । ଗୋପାଳପୁରଠାରୁ ୯୫୦ କି.ମି. ଦୂର ଦକ୍ଷିଣ–ପୂର୍ବ ଦିଗରେ ଏହା କେନ୍ଦ୍ରୀଭୂତ ଥିଲା । ଳ୍ପଦିନ ତଳେ ଗଣମାଧ୍ୟମରେ ଖବର ପ୍ରକାଶ ପାଇଲା ଯେ ବଙ୍ଗୋପସାଗରରେ ସୃଷ୍ଟ ଲଘୁଚାପ ଡିପ୍ ଡିପ୍ରେଶନର ରୂପ ନେଉଛି । ଏହାର ଦିନକ ପରେ ସାମୁଦ୍ରିକ ଝଡ଼ କ୍ୟାଣ୍ଟ ରୂପେ ପରିଣତ ହେଲା । ଗୋପାଳପୁରଠାରୁ ୯୫୦ କି.ମି. ଦୂର ଦକ୍ଷିଣ–ପୂର୍ବ ଦିଗରେ ଏହା କେନ୍ଦ୍ରୀଭୂତ ଥିଲା । ଳ୍ପଦିନ ତଳେ ଗଣମାଧ୍ୟମରେ ଖବର ପ୍ରକାଶ ପାଇଲା ଯେ ବଙ୍ଗୋପସାଗରରେ ସୃଷ୍ଟ ଲଘୁଚାପ ଡିପ୍ ଡିପ୍ରେଶନର ରୂପ ନେଉଛି । ଏହାର ଦିନକ ପରେ ସାମୁଦ୍ରିକ ଝଡ଼ କ୍ୟାଣ୍ଟ ରୂପେ ପରିଣତ ହେଲା । ଗୋପାଳପୁରଠାରୁ ୯୫୦ କି.ମି. ଦୂର ଦକ୍ଷିଣ–ପୂର୍ବ ଦିଗରେ ଏହା କେନ୍ଦ୍ରୀଭୂତ ଥିଲା । ଳ୍ପଦିନ ତଳେ ଗଣମାଧ୍ୟମରେ ଖବର ପ୍ରକାଶ ପାଇଲା ଯେ ବଙ୍ଗୋପସାଗରରେ ସୃଷ୍ଟ ଲଘୁଚାପ ଡିପ୍ ଡିପ୍ରେଶନର ରୂପ ନେଉଛି । ଏହାର ଦିନକ ପରେ ସାମୁଦ୍ରିକ ଝଡ଼ କ୍ୟାଣ୍ଟ ରୂପେ ପରିଣତ ହେଲା ।
ବାତ୍ୟା: କିପରି ଓ କାହିଁକି
ଶିଳ୍ପ ବିପ୍ଳବ ପୂର୍ବରୁ ବାୟୁରେ ଅଙ୍ଗାରକାମ୍ଳ ଭାଗ ୨୦ ନିୟୁତାଂଶ ଥିବାବେଳେ ଶିଳ୍ପ ଅଭିବୃଦ୍ଧିକୁ ତାଳ ଦେଇ ଏବେ ସେ ଭାଗ ହେଲାଣି ୩୫୦ ନିୟୁତାଂଶ । ଆମେମାନେ ବାୟୁମଣ୍ଡଳକୁ ଛାଡୁଥିବା ଅଙ୍ଗାରକାମ୍ଳ ନିର୍ଗମନରେ ଲଗାମ ଦେବାକୁ ହେବ । ପୃଥିବୀ ପୃଷ୍ଠର ଉତ୍ତାପ ବୃଦ୍ଧି କରୁଛି । ଶିଳ୍ପ ବିପ୍ଳବ ପୂର୍ବରୁ ବାୟୁରେ ଅଙ୍ଗାରକାମ୍ଳ ଭାଗ ୨୦ ନିୟୁତାଂଶ ଥିବାବେଳେ ଶିଳ୍ପ ଅଭିବୃଦ୍ଧିକୁ ତାଳ ଦେଇ ଏବେ ସେ ଭାଗ ହେଲାଣି ୩୫୦ ନିୟୁତାଂଶ । ଆମେମାନେ ବାୟୁମଣ୍ଡଳକୁ ଛାଡୁଥିବା ଅଙ୍ଗାରକାମ୍ଳ ନିର୍ଗମନରେ ଲଗାମ ଦେବାକୁ ହେବ । ପୃଥିବୀ ପୃଷ୍ଠର ଉତ୍ତାପ ବୃଦ୍ଧି କରୁଛି । ଶିଳ୍ପ ବିପ୍ଳବ ପୂର୍ବରୁ ବାୟୁରେ ଅଙ୍ଗାରକାମ୍ଳ ଭାଗ ୨୦ ନିୟୁତାଂଶ ଥିବାବେଳେ ଶିଳ୍ପ ଅଭିବୃଦ୍ଧିକୁ ତାଳ ଦେଇ ଏବେ ସେ ଭାଗ ହେଲାଣି ୩୫୦ ନିୟୁତାଂଶ । ଆମେମାନେ ବାୟୁମଣ୍ଡଳକୁ ଛାଡୁଥିବା ଅଙ୍ଗାରକାମ୍ଳ ନିର୍ଗମନରେ ଲଗାମ ଦେବାକୁ ହେବ । ପୃଥିବୀ ପୃଷ୍ଠର ଉତ୍ତାପ ବୃଦ୍ଧି କରୁଛି । ଶିଳ୍ପ ବିପ୍ଳବ ପୂର୍ବରୁ ବାୟୁରେ ଅଙ୍ଗାରକାମ୍ଳ ଭାଗ ୨୦ ନିୟୁତାଂଶ ଥିବାବେଳେ ଶିଳ୍ପ ଅଭିବୃଦ୍ଧିକୁ ତାଳ ଦେଇ ଏବେ ସେ ଭାଗ ହେଲାଣି ୩୫୦ ନିୟୁତାଂଶ । ଆମେମାନେ ବାୟୁମଣ୍ଡଳକୁ ଛାଡୁଥିବା ଅଙ୍ଗାରକାମ୍ଳ ନିର୍ଗମନରେ ଲଗାମ ଦେବାକୁ ହେବ । ପୃଥିବୀ ପୃଷ୍ଠର ଉତ୍ତାପ ବୃଦ୍ଧି କରୁଛି । ଶିଳ୍ପ ବିପ୍ଳବ ପୂର୍ବରୁ ବାୟୁରେ ଅଙ୍ଗାରକାମ୍ଳ ଭାଗ ୨୦ ନିୟୁତାଂଶ ଥିବାବେଳେ ଶିଳ୍ପ ଅଭିବୃଦ୍ଧିକୁ ତାଳ ଦେଇ ଏବେ ସେ ଭାଗ ହେଲାଣି ୩୫୦ ନିୟୁତାଂଶ । ଆମେମାନେ ବାୟୁମଣ୍ଡଳକୁ ଛାଡୁଥିବା ଅଙ୍ଗାରକାମ୍ଳ ନିର୍ଗମନରେ ଲଗାମ ଦେବାକୁ ହେବ । ପୃଥିବୀ ପୃଷ୍ଠର ଉତ୍ତାପ ବୃଦ୍ଧି କରୁଛି । ଶିଳ୍ପ ବିପ୍ଳବ ପୂର୍ବରୁ ବାୟୁରେ ଅଙ୍ଗାରକାମ୍ଳ ଭାଗ ୨୦ ନିୟୁତାଂଶ ଥିବାବେଳେ ଶିଳ୍ପ ଅଭିବୃଦ୍ଧିକୁ ତାଳ ଦେଇ ଏବେ ସେ ଭାଗ ହେଲାଣି ୩୫୦ ନିୟୁତାଂଶ । ଆମେମାନେ ବାୟୁମଣ୍ଡଳକୁ ଛାଡୁଥିବା ଅଙ୍ଗାରକାମ୍ଳ ନିର୍ଗମନରେ ଲଗାମ ଦେବାକୁ ହେବ । ପୃଥିବୀ
ଶିଳ୍ପ ବିପ୍ଳବ ପୂର୍ବରୁ ବାୟୁରେ ଅଙ୍ଗାରକାମ୍ଳ ଭାଗ ୨୦ ନିୟୁତାଂଶ ଥିବାବେଳେ ଶିଳ୍ପ ଅଭିବୃଦ୍ଧିକୁ ତାଳ ଦେଇ ଏବେ ସେ ଭାଗ ହେଲାଣି ୩୫୦ ନିୟୁତାଂଶ । ଆମେମାନେ ବାୟୁମଣ୍ଡଳକୁ ଛାଡୁଥିବା ଅଙ୍ଗାରକାମ୍ଳ ନିର୍ଗମନରେ ଲଗାମ ଦେବାକୁ ହେବ । ପୃଥିବୀ ପୃଷ୍ଠର ଉତ୍ତାପ ବୃଦ୍ଧି କରୁଛି । ଶିଳ୍ପ ବିପ୍ଳବ ପୂର୍ବରୁ ବାୟୁରେ ଅଙ୍ଗାରକାମ୍ଳ ଭାଗ ୨୦ ନିୟୁତାଂଶ ଥିବାବେଳେ ଶିଳ୍ପ ଅଭିବୃଦ୍ଧିକୁ ତାଳ ଦେଇ ଏବେ ସେ ଭାଗ ହେଲାଣି ୩୫୦ ନିୟୁତାଂଶ । ଆମେମାନେ
ଇଂ. ହାଡ଼ିବନ୍ଧୁ ଖଣ୍ଡୁଆଳ
ଶିଳ୍ପ ବିପ୍ଳବ ପୂର୍ବରୁ ବାୟୁରେ ଅଙ୍ଗାରକାମ୍ଳ ଭାଗ ୨୦ ନିୟୁତାଂଶ ଥିବାବେଳେ ଶିଳ୍ପ ଅଭିବୃଦ୍ଧିକୁ ତାଳ ଦେଇ ଏବେ ସେ ଭାଗ ହେଲାଣି ୩୫୦ ନିୟୁତାଂଶ । ଆମେମାନେ ବାୟୁମଣ୍ଡଳକୁ ଛାଡୁଥିବା ଅଙ୍ଗାରକାମ୍ଳ
ଶିଳ୍ପ ବିପ୍ଳବ ପୂର୍ବରୁ ବାୟୁରେ ଅଙ୍ଗାରକାମ୍ଳ ଭାଗ ୨୦ ନିୟୁତାଂଶ ଥିବାବେଳେ ଶିଳ୍ପ ଅଭିବୃଦ୍ଧିକୁ ତାଳ ଦେଇ ଏବେ ସେ ଭାଗ ହେଲାଣି ୩୫୦ ନିୟୁତାଂଶ । ଆମେମାନେ ବାୟୁମଣ୍ଡଳକୁ ଛାଡୁଥିବା ଅଙ୍ଗାରକାମ୍ଳ ନିର୍ଗମନରେ ଲଗାମ ଦେବାକୁ ହେବ । ପୃଥିବୀ ପୃଷ୍ଠର ଉତ୍ତାପ ବୃଦ୍ଧି କରୁଛି । ଶିଳ୍ପ ବିପ୍ଳବ ପୂର୍ବରୁ ବାୟୁରେ ଅଙ୍ଗାରକାମ୍ଳ ଭାଗ ୨୦ ନିୟୁତାଂଶ ଥିବାବେଳେ ଶିଳ୍ପ ଅଭିବୃଦ୍ଧିକୁ ତାଳ ଦେଇ ଏବେ ସେ ଭାଗ ହେଲାଣି ୩୫୦ ନିୟୁତାଂଶ । ଆମେମାନେ ବାୟୁମଣ୍ଡଳକୁ ଛାଡୁଥିବା ଅଙ୍ଗାରକାମ୍ଳ ନିର୍ଗମନରେ ଲଗାମ ଦେବାକୁ ହେବ । ପୃଥିବୀ ପୃଷ୍ଠର ଉତ୍ତାପ ବୃଦ୍ଧି କରୁଛି । ଶିଳ୍ପ ବିପ୍ଳବ ପୂର୍ବରୁ ବାୟୁରେ ଅଙ୍ଗାରକାମ୍ଳ ଭାଗ ୨୦ ନିୟୁତାଂଶ ଥିବାବେଳେ ଶିଳ୍ପ ଅଭିବୃଦ୍ଧିକୁ ତାଳ ଦେଇ ଏବେ ସେ ଭାଗ ହେଲାଣି ୩୫୦ ନିୟୁତାଂଶ । ଆମେମାନେ ବାୟୁମଣ୍ଡଳକୁ ଛାଡୁଥିବା ଅଙ୍ଗାରକାମ୍ଳ ନିର୍ଗମନରେ ଲଗାମ ଦେବାକୁ ହେବ । ପୃଥିବୀ ପୃଷ୍ଠର ଉତ୍ତାପ ବୃଦ୍ଧି କରୁଛି । ଶିଳ୍ପ ବିପ୍ଳବ ପୂର୍ବରୁ ବାୟୁରେ ଅଙ୍ଗାରକାମ୍ଳ ଭାଗ ୨୦ ନିୟୁତାଂଶ ଥିବାବେଳେ ଶିଳ୍ପ ଅଭିବୃଦ୍ଧିକୁ ତାଳ ଦେଇ ଏବେ ସେ ଭାଗ ହେଲାଣି ୩୫୦ ନିୟୁତାଂଶ । ଆମେମାନେ ବାୟୁମଣ୍ଡଳକୁ ଛାଡୁଥିବା ଅଙ୍ଗାରକାମ୍ଳ ନିର୍ଗମନରେ ଲଗାମ ଦେବାକୁ ହେବ । ପୃଥିବୀ ପୃଷ୍ଠର ଉତ୍ତାପ ବୃଦ୍ଧି କରୁଛି । ଶିଳ୍ପ ବିପ୍ଳବ ପୂର୍ବରୁ ବାୟୁରେ ଅଙ୍ଗାରକାମ୍ଳ ଭାଗ ୨୦ ନିୟୁତାଂଶ ଥିବାବେଳେ ଶିଳ୍ପ ଅଭିବୃଦ୍ଧିକୁ ତାଳ ଦେଇ ଏବେ ସେ ଭାଗ ହେଲାଣି ୩୫୦ ନିୟୁତାଂଶ । ଆମେମାନେ ବାୟୁମଣ୍ଡଳକୁ ଛାଡୁଥିବା ଅଙ୍ଗାରକାମ୍ଳ ନିର୍ଗମନରେ ଲଗାମ ଦେବାକୁ ହେବ । ପୃଥିବୀ ପୃଷ୍ଠର ଉତ୍ତାପ ବୃଦ୍ଧି କରୁଛି । ଶିଳ୍ପ ବିପ୍ଳବ ପୂର୍ବରୁ ବାୟୁରେ ଅଙ୍ଗାରକାମ୍ଳ ଭାଗ ୨୦ ନିୟୁତାଂଶ ଥିବାବେଳେ ଶିଳ୍ପ ଅଭିବୃଦ୍ଧିକୁ ତାଳ ଦେଇ ଏବେ ସେ ଭାଗ ହେଲାଣି ୩୫୦ ନିୟୁତାଂଶ । ଆମେମାନେ ବାୟୁମଣ୍ଡଳକୁ ଛାଡୁଥିବା ଅଙ୍ଗାରକାମ୍ଳ ନିର୍ଗମନରେ ଲଗାମ ଦେବାକୁ ହେବ । ପୃଥିବୀ ପୃଷ୍ଠର ଉତ୍ତାପ ବୃଦ୍ଧି କରୁଛି । ଶିଳ୍ପ ବିପ୍ଳବ ପୂର୍ବରୁ ବାୟୁରେ ଅଙ୍ଗାରକାମ୍ଳ ଭାଗ ୨୦ ନିୟୁତାଂଶ ଥିବାବେଳେ ଶିଳ୍ପ ଅଭିବୃଦ୍ଧିକୁ ତାଳ ଦେଇ ଏବେ ସେ ଭାଗ ହେଲାଣି ୩୫୦ ନିୟୁତାଂଶ । ଆମେମାନେ ବାୟୁମଣ୍ଡଳକୁ ଛାଡୁଥିବା ଅଙ୍ଗାରକାମ୍ଳ ନିର୍ଗମନରେ ଲଗାମ ଦେବାକୁ ହେବ । ପୃଥିବୀ ପୃଷ୍ଠର ଉତ୍ତାପ ବୃଦ୍ଧି କରୁଛି । ଶିଳ୍ପ ବିପ୍ଳବ ପୂର୍ବରୁ
କୋଟିତୀର୍ଥ, ଭୁବନେଶ୍ୱର, ମୋ: ୯୨୩୮୩୦୫୭୧୩
ଆମନର କଥା ନିକଟରେ ରାଜ୍ୟ ସରକାର ଶ୍ରୀମନ୍ଦିର ପରିଚାଳନାଗତ ବିଭିନ୍ନ ବିଷୟ ନେଇ ସଂସ୍କାର ନିମିତ୍ତ ଏକ ନ୍ୟାୟିକ କମିଶନ ଗଠନ କରିଛନ୍ତି । ଏ ଦିଗରେ ଆୟୋଗ ତାଙ୍କର କାର୍ଯ୍ୟ ଆରମ୍ଭ କରିଛନ୍ତି । ଶ୍ରୀଜଗନ୍ନାଥ ସଂସ୍କୃତି ଓ ପରମ୍ପରା ଉପରେ ଏହାର ପ୍ରଭାବ ପଡ଼ିବ । ମନର କଥା ନିକଟରେ ରାଜ୍ୟ ସରକାର ଶ୍ରୀମନ୍ଦିର ପରିଚାଳନାଗତ ବିଭିନ୍ନ ବିଷୟ ନେଇ ସଂସ୍କାର ନିମିତ୍ତ ଏକ ନ୍ୟାୟିକ କମିଶନ ଗଠନ କରିଛନ୍ତି । ଏ ଦିଗରେ ଆୟୋଗ ତାଙ୍କର କାର୍ଯ୍ୟ ଆରମ୍ଭ କରିଛନ୍ତି । ଶ୍ରୀଜଗନ୍ନାଥ ସଂସ୍କୃତି ଓ ପରମ୍ପରା ଉପରେ ଏହାର ପ୍ରଭାବ ପଡ଼ିବ । ମନର କଥା ନିକଟରେ ରାଜ୍ୟ ସରକାର ଶ୍ରୀମନ୍ଦିର ପରିଚାଳନାଗତ ବିଭିନ୍ନ ବିଷୟ ନେଇ ସଂସ୍କାର ନିମିତ୍ତ ଏକ ନ୍ୟାୟିକ କମିଶନ ଗଠନ କରିଛନ୍ତି । ଏ ଦିଗରେ ଆୟୋଗ ତାଙ୍କର କାର୍ଯ୍ୟ ଆରମ୍ଭ କରିଛନ୍ତି । ଶ୍ରୀଜଗନ୍ନାଥ ସଂସ୍କୃତି ଓ ପରମ୍ପରା ଉପରେ ଏହାର ପ୍ରଭାବ ପଡ଼ିବ । ମନର କଥା ନିକଟରେ ରାଜ୍ୟ ସରକାର ଶ୍ରୀମନ୍ଦିର ପରିଚାଳନାଗତ ବିଭିନ୍ନ ବିଷୟ ନେଇ ସଂସ୍କାର ନିମିତ୍ତ ଏକ ନ୍ୟାୟିକ କମିଶନ ଗଠନ କରିଛନ୍ତି । ଏ ଦିଗରେ ଆୟୋଗ ତାଙ୍କର କାର୍ଯ୍ୟ ଆରମ୍ଭ କରିଛନ୍ତି । ଶ୍ରୀଜଗନ୍ନାଥ ସଂସ୍କୃତି ଓ ପରମ୍ପରା ଉପରେ
ଶ୍ରୀଜଗନ୍ନାଥ ସଂସ୍କୃତି ତଥା ପରମ୍ପରା ବିଶ୍ୱରେ ମହାନ୍ ଓ ଅଦ୍ୱିତୀୟ । ରାଜ୍ୟ ସରକାର ଶ୍ରୀମନ୍ଦିର ପରିଚାଳନାଗତ ବିଭିନ୍ନ ବିଷୟ ନେଇ ସଂସ୍କାର ନିମିତ୍ତ ଏକ ନ୍ୟାୟିକ କମିଶନ ଗଠନ କରିଛନ୍ତି, ଯାହା ଏବେ କ୍ରିୟାଶୀଳ । ସରକାରଙ୍କ ଏଭଳି ନିଷ୍ପତ୍ତି ଏକ ସ୍ୱାଗତଯୋଗ୍ୟ ପଦକ୍ଷେପ ।
ସଂସ୍ଥା ବା ବ୍ୟକ୍ତିବିଶେଷ ଦ୍ୱାରା ପରିକଳ୍ପନା ଏକ ଉଦ୍ଭଟ ଚିନ୍ତାଧାରା, ଯାହା ପ୍ରତ୍ୟେକ ହିନ୍ଦୁର ଧାର୍ମିକ ଭାବଧାରାକୁ ଆଘାତ କରିଛି । ତେଣୁ ସରକାର ଓ ପ୍ରଶାସନ ଏହି ଉଦ୍ୟମକୁ ପ୍ରତିହତ କରିବା ପାଇଁ ଆଗେଇ ଆସିବା ନିଶ୍ଚିତ ଭାବେ ସ୍ୱାଗତଯୋଗ୍ୟ । କୋର୍ଟଙ୍କ ନିର୍ଦ୍ଦେଶ କ୍ରମେ ସରକାରଙ୍କ ସର୍ବୋଚ୍ଚ ରାଜସ୍ୱ ଅଧିକାରୀ ଓ ବରିଷ୍ଠ ପ୍ରଶାସକମାନେ ଏ ବିଷୟରେ ଅନୁଧ୍ୟାନ ଜାରି ରଖିଛନ୍ତି । ସଂସ୍ଥା ବା ବ୍ୟକ୍ତିବିଶେଷ ଦ୍ୱାରା ପରିକଳ୍ପନା ଏକ ଉଦ୍ଭଟ ଚିନ୍ତାଧାରା, ଯାହା ପ୍ରତ୍ୟେକ ହିନ୍ଦୁର ଧାର୍ମିକ ଭାବଧାରାକୁ ଆଘାତ କରିଛି । ତେଣୁ ସରକାର ଓ ପ୍ରଶାସନ ଏହି ଉଦ୍ୟମକୁ ପ୍ରତିହତ କରିବା ପାଇଁ ଆଗେଇ ଆସିବା ନିଶ୍ଚିତ ଭାବେ ସ୍ୱାଗତଯୋଗ୍ୟ । କୋର୍ଟଙ୍କ ନିର୍ଦ୍ଦେଶ କ୍ରମେ ସରକାରଙ୍କ ସର୍ବୋଚ୍ଚ ରାଜସ୍ୱ ଅଧିକାରୀ ଓ ବରିଷ୍ଠ ପ୍ରଶାସକମାନେ ଏ ବିଷୟରେ ଅନୁଧ୍ୟାନ ଜାରି ରଖିଛନ୍ତି । ସଂସ୍ଥା ବା ବ୍ୟକ୍ତିବିଶେଷ ଦ୍ୱାରା ପରିକଳ୍ପନା ଏକ ଉଦ୍ଭଟ ଚିନ୍ତାଧାରା, ଯାହା ପ୍ରତ୍ୟେକ ହିନ୍ଦୁର ଧାର୍ମିକ ଭାବଧାରାକୁ ଆଘାତ କରିଛି । ତେଣୁ ସରକାର ଓ ପ୍ରଶାସନ ଏହି ଉଦ୍ୟମକୁ ପ୍ରତିହତ କରିବା ପାଇଁ ଆଗେଇ ଆସିବା ନିଶ୍ଚିତ ଭାବେ ସ୍ୱାଗତଯୋଗ୍ୟ । କୋର୍ଟଙ୍କ ନିର୍ଦ୍ଦେଶ କ୍ରମେ ସରକାରଙ୍କ ସର୍ବୋଚ୍ଚ ରାଜସ୍ୱ ଅଧିକାରୀ ଓ ବରିଷ୍ଠ ପ୍ରଶାସକମାନେ ଏ ବିଷୟରେ ଅନୁଧ୍ୟାନ ଜାରି ରଖିଛନ୍ତି । ସଂସ୍ଥା ବା ବ୍ୟକ୍ତିବିଶେଷ ଦ୍ୱାରା ପରିକଳ୍ପନା ଏକ ଉଦ୍ଭଟ ଚିନ୍ତାଧାରା, ଯାହା ପ୍ରତ୍ୟେକ ହିନ୍ଦୁର ଧାର୍ମିକ ଭାବଧାରାକୁ ଆଘାତ କରିଛି । ତେଣୁ ସରକାର ଓ ପ୍ରଶାସନ ଏହି ଉଦ୍ୟମକୁ ପ୍ରତିହତ କରିବା ପାଇଁ ଆଗେଇ ଆସିବା ନିଶ୍ଚିତ ଭାବେ ସ୍ୱାଗତଯୋଗ୍ୟ ।
ଶ୍ରୀମନ୍ଦିର ସଂସ୍କାର ଓ ନ୍ୟାୟିକ କମିଶନ
ସଂସ୍ଥା ବା ବ୍ୟକ୍ତିବିଶେଷ ଦ୍ୱାରା ପରିକଳ୍ପନା ଏକ ଉଦ୍ଭଟ ଚିନ୍ତାଧାରା, ଯାହା ପ୍ରତ୍ୟେକ ହିନ୍ଦୁର ଧାର୍ମିକ ଭାବଧାରାକୁ ଆଘାତ କରିଛି । ତେଣୁ ସରକାର ଓ ପ୍ରଶାସନ ଏହି ଉଦ୍ୟମକୁ ପ୍ରତିହତ କରିବା ପାଇଁ ଆଗେଇ ଆସିବା ନିଶ୍ଚିତ ଭାବେ ସ୍ୱାଗତଯୋଗ୍ୟ । କୋର୍ଟଙ୍କ ନିର୍ଦ୍ଦେଶ କ୍ରମେ ସରକାରଙ୍କ ସର୍ବୋଚ୍ଚ ରାଜସ୍ୱ ଅଧିକାରୀ ଓ ବରିଷ୍ଠ ପ୍ରଶାସକମାନେ ଏ ବିଷୟରେ ଅନୁଧ୍ୟାନ ଜାରି ରଖିଛନ୍ତି । ସଂସ୍ଥା ବା ବ୍ୟକ୍ତିବିଶେଷ ଦ୍ୱାରା ପରିକଳ୍ପନା ଏକ ଉଦ୍ଭଟ ଚିନ୍ତାଧାରା, ଯାହା ପ୍ରତ୍ୟେକ ହିନ୍ଦୁର ଧାର୍ମିକ ଭାବଧାରାକୁ ଆଘାତ କରିଛି । ତେଣୁ ସରକାର ଓ ପ୍ରଶାସନ ଏହି ଉଦ୍ୟମକୁ ପ୍ରତିହତ କରିବା ପାଇଁ ଆଗେଇ ଆସିବା ନିଶ୍ଚିତ ଭାବେ ସ୍ୱାଗତଯୋଗ୍ୟ । କୋର୍ଟଙ୍କ ନିର୍ଦ୍ଦେଶ କ୍ରମେ ସରକାରଙ୍କ ସର୍ବୋଚ୍ଚ ରାଜସ୍ୱ ଅଧିକାରୀ ଓ ବରିଷ୍ଠ ପ୍ରଶାସକମାନେ ଏ ବିଷୟରେ ଅନୁଧ୍ୟାନ ଜାରି ରଖିଛନ୍ତି । ସଂସ୍ଥା ବା ବ୍ୟକ୍ତିବିଶେଷ ଦ୍ୱାରା ପରିକଳ୍ପନା ଏକ ଉଦ୍ଭଟ ଚିନ୍ତାଧାରା, ଯାହା ପ୍ରତ୍ୟେକ ହିନ୍ଦୁର ଧାର୍ମିକ ଭାବଧାରାକୁ ଆଘାତ କରିଛି । ତେଣୁ ସରକାର ଓ ପ୍ରଶାସନ ଏହି ଉଦ୍ୟମକୁ ପ୍ରତିହତ କରିବା ପାଇଁ ଆଗେଇ ଆସିବା ନିଶ୍ଚିତ ଭାବେ ସ୍ୱାଗତଯୋଗ୍ୟ । କୋର୍ଟଙ୍କ ନିର୍ଦ୍ଦେଶ କ୍ରମେ ସରକାରଙ୍କ ସର୍ବୋଚ୍ଚ ରାଜସ୍ୱ ଅଧିକାରୀ ଓ ବରିଷ୍ଠ ପ୍ରଶାସକମାନେ ଏ ବିଷୟରେ ଅନୁଧ୍ୟାନ ଜାରି ରଖିଛନ୍ତି । ସଂସ୍ଥା ବା ବ୍ୟକ୍ତିବିଶେଷ ଦ୍ୱାରା ପରିକଳ୍ପନା ଏକ ଉଦ୍ଭଟ ଚିନ୍ତାଧାରା, ଯାହା ପ୍ରତ୍ୟେକ ହିନ୍ଦୁର ଧାର୍ମିକ ଭାବଧାରାକୁ ଆଘାତ କରିଛି । ତେଣୁ ସରକାର ଓ ପ୍ରଶାସନ ଏହି ଉଦ୍ୟମକୁ ପ୍ରତିହତ କରିବା ପାଇଁ ଆଗେଇ ଆସିବା ନିଶ୍ଚିତ ଭାବେ ସ୍ୱାଗତଯୋଗ୍ୟ । କୋର୍ଟଙ୍କ ନିର୍ଦ୍ଦେଶ କ୍ରମେ ସରକାରଙ୍କ ସର୍ବୋଚ୍ଚ ରାଜସ୍ୱ ଅଧିକାରୀ ଓ ବରିଷ୍ଠ ପ୍ରଶାସକମାନେ ଏ ବିଷୟରେ ଅନୁଧ୍ୟାନ ଜାରି ରଖିଛନ୍ତି । ସଂସ୍ଥା ବା ବ୍ୟକ୍ତିବିଶେଷ ଦ୍ୱାରା ପରିକଳ୍ପନା ଏକ ଉଦ୍ଭଟ ଚିନ୍ତାଧାରା, ଯାହା ପ୍ରତ୍ୟେକ ହିନ୍ଦୁର ଧାର୍ମିକ ଭାବଧାରାକୁ ଆଘାତ କରିଛି । ତେଣୁ ସରକାର ଓ ପ୍ରଶାସନ ଏହି ଉଦ୍ୟମକୁ ପ୍ରତିହତ କରିବା ପାଇଁ ଆଗେଇ ଆସିବା ନିଶ୍ଚିତ ଭାବେ ସ୍ୱାଗତଯୋଗ୍ୟ । କୋର୍ଟଙ୍କ ନିର୍ଦ୍ଦେଶ କ୍ରମେ ସରକାରଙ୍କ ସର୍ବୋଚ୍ଚ ରାଜସ୍ୱ ଅଧିକାରୀ ଓ ବରିଷ୍ଠ ପ୍ରଶାସକମାନେ ଏ ବିଷୟରେ ଅନୁଧ୍ୟାନ ଜାରି ରଖିଛନ୍ତି । ସଂସ୍ଥା ବା ବ୍ୟକ୍ତିବିଶେଷ ଦ୍ୱାରା ପରିକଳ୍ପନା ଏକ ଉଦ୍ଭଟ
ସଂସ୍ଥା ବା ବ୍ୟକ୍ତିବିଶେଷ ଦ୍ୱାରା ପରିକଳ୍ପନା ଏକ ଉଦ୍ଭଟ ଚିନ୍ତାଧାରା, ଯାହା ପ୍ରତ୍ୟେକ ହିନ୍ଦୁର ଧାର୍ମିକ ଭାବଧାରାକୁ ଆଘାତ କରିଛି । ତେଣୁ ସରକାର ଓ ପ୍ରଶାସନ ଏହି ଉଦ୍ୟମକୁ ପ୍ରତିହତ କରିବା ପାଇଁ ଆଗେଇ ଆସିବା ନିଶ୍ଚିତ ଭାବେ ସ୍ୱାଗତଯୋଗ୍ୟ । କୋର୍ଟଙ୍କ ନିର୍ଦ୍ଦେଶ କ୍ରମେ ସରକାରଙ୍କ ସର୍ବୋଚ୍ଚ ରାଜସ୍ୱ ଅଧିକାରୀ ଓ ବରିଷ୍ଠ ପ୍ରଶାସକମାନେ ଏ ବିଷୟରେ ଅନୁଧ୍ୟାନ ଜାରି ରଖିଛନ୍ତି । ସଂସ୍ଥା ବା ବ୍ୟକ୍ତିବିଶେଷ ଦ୍ୱାରା ପରିକଳ୍ପନା ଏକ ଉଦ୍ଭଟ
ହୃଦୟ ବଲ୍ଲଭ ଦାସ
ସଂସ୍ଥା ବା ବ୍ୟକ୍ତିବିଶେଷ ଦ୍ୱାରା ପରିକଳ୍ପନା ଏକ ଉଦ୍ଭଟ ଚିନ୍ତାଧାରା, ଯାହା ପ୍ରତ୍ୟେକ ହିନ୍ଦୁର ଧାର୍ମିକ ଭାବଧାରାକୁ ଆଘାତ କରିଛି । ତେଣୁ ସରକାର ଓ ପ୍ରଶାସନ ଏହି ଉଦ୍ୟମକୁ ପ୍ରତିହତ କରିବା ପାଇଁ ଆଗେଇ ଆସିବା ନିଶ୍ଚିତ ଭାବେ
ସଂସ୍ଥା ବା ବ୍ୟକ୍ତିବିଶେଷ ଦ୍ୱାରା ପରିକଳ୍ପନା ଏକ ଉଦ୍ଭଟ ଚିନ୍ତାଧାରା, ଯାହା ପ୍ରତ୍ୟେକ ହିନ୍ଦୁର ଧାର୍ମିକ ଭାବଧାରାକୁ ଆଘାତ କରିଛି । ତେଣୁ ସରକାର ଓ ପ୍ରଶାସନ ଏହି ଉଦ୍ୟମକୁ ପ୍ରତିହତ କରିବା ପାଇଁ ଆଗେଇ ଆସିବା ନିଶ୍ଚିତ ଭାବେ ସ୍ୱାଗତଯୋଗ୍ୟ । କୋର୍ଟଙ୍କ ନିର୍ଦ୍ଦେଶ କ୍ରମେ ସରକାରଙ୍କ ସର୍ବୋଚ୍ଚ ରାଜସ୍ୱ ଅଧିକାରୀ ଓ ବରିଷ୍ଠ ପ୍ରଶାସକମାନେ ଏ ବିଷୟରେ ଅନୁଧ୍ୟାନ ଜାରି ରଖିଛନ୍ତି । ସଂସ୍ଥା ବା ବ୍ୟକ୍ତିବିଶେଷ ଦ୍ୱାରା ପରିକଳ୍ପନା ଏକ ଉଦ୍ଭଟ ଚିନ୍ତାଧାରା, ଯାହା ପ୍ରତ୍ୟେକ ହିନ୍ଦୁର ଧାର୍ମିକ ଭାବଧାରାକୁ ଆଘାତ କରିଛି । ତେଣୁ ସରକାର ଓ ପ୍ରଶାସନ ଏହି ଉଦ୍ୟମକୁ ପ୍ରତିହତ କରିବା ପାଇଁ ଆଗେଇ ଆସିବା ନିଶ୍ଚିତ ଭାବେ ସ୍ୱାଗତଯୋଗ୍ୟ । କୋର୍ଟଙ୍କ ନିର୍ଦ୍ଦେଶ କ୍ରମେ ସରକାରଙ୍କ ସର୍ବୋଚ୍ଚ ରାଜସ୍ୱ ଅଧିକାରୀ ଓ ବରିଷ୍ଠ ପ୍ରଶାସକମାନେ ଏ ବିଷୟରେ ଅନୁଧ୍ୟାନ ଜାରି ରଖିଛନ୍ତି । ସଂସ୍ଥା ବା ବ୍ୟକ୍ତିବିଶେଷ ଦ୍ୱାରା ପରିକଳ୍ପନା ଏକ ଉଦ୍ଭଟ ଚିନ୍ତାଧାରା, ଯାହା ପ୍ରତ୍ୟେକ ହିନ୍ଦୁର ଧାର୍ମିକ ଭାବଧାରାକୁ ଆଘାତ କରିଛି । ତେଣୁ ସରକାର ଓ ପ୍ରଶାସନ ଏହି ଉଦ୍ୟମକୁ ପ୍ରତିହତ କରିବା ପାଇଁ ଆଗେଇ ଆସିବା ନିଶ୍ଚିତ ଭାବେ ସ୍ୱାଗତଯୋଗ୍ୟ । କୋର୍ଟଙ୍କ ନିର୍ଦ୍ଦେଶ କ୍ରମେ ସରକାରଙ୍କ ସର୍ବୋଚ୍ଚ ରାଜସ୍ୱ ଅଧିକାରୀ ଓ ବରିଷ୍ଠ ପ୍ରଶାସକମାନେ ଏ ବିଷୟରେ ଅନୁଧ୍ୟାନ ଜାରି ରଖିଛନ୍ତି । ସଂସ୍ଥା ବା ବ୍ୟକ୍ତିବିଶେଷ ଦ୍ୱାରା ପରିକଳ୍ପନା ଏକ ଉଦ୍ଭଟ ଚିନ୍ତାଧାରା, ଯାହା ପ୍ରତ୍ୟେକ ହିନ୍ଦୁର ଧାର୍ମିକ ଭାବଧାରାକୁ ଆଘାତ କରିଛି । ତେଣୁ ସରକାର ଓ ପ୍ରଶାସନ ଏହି ଉଦ୍ୟମକୁ ପ୍ରତିହତ କରିବା ପାଇଁ ଆଗେଇ ଆସିବା ନିଶ୍ଚିତ ଭାବେ ସ୍ୱାଗତଯୋଗ୍ୟ । କୋର୍ଟଙ୍କ ନିର୍ଦ୍ଦେଶ କ୍ରମେ ସରକାରଙ୍କ ସର୍ବୋଚ୍ଚ ରାଜସ୍ୱ ଅଧିକାରୀ ଓ ବରିଷ୍ଠ ପ୍ରଶାସକମାନେ ଏ ବିଷୟରେ ଅନୁଧ୍ୟାନ ଜାରି ରଖିଛନ୍ତି । ସଂସ୍ଥା ବା ବ୍ୟକ୍ତିବିଶେଷ ଦ୍ୱାରା ପରିକଳ୍ପନା ଏକ ଉଦ୍ଭଟ ଚିନ୍ତାଧାରା, ଯାହା ପ୍ରତ୍ୟେକ ହିନ୍ଦୁର ଧାର୍ମିକ ଭାବଧାରାକୁ ଆଘାତ କରିଛି । ତେଣୁ ସରକାର ଓ ପ୍ରଶାସନ ଏହି ଉଦ୍ୟମକୁ ପ୍ରତିହତ କରିବା ପାଇଁ ଆଗେଇ ଆସିବା ନିଶ୍ଚିତ ଭାବେ ସ୍ୱାଗତଯୋଗ୍ୟ । କୋର୍ଟଙ୍କ ନିର୍ଦ୍ଦେଶ କ୍ରମେ ସରକାରଙ୍କ ସର୍ବୋଚ୍ଚ ରାଜସ୍ୱ ଅଧିକାରୀ ଓ ବରିଷ୍ଠ ପ୍ରଶାସକମାନେ ଏ ବିଷୟରେ ଅନୁଧ୍ୟାନ ଜାରି ରଖିଛନ୍ତି । ସଂସ୍ଥା ବା ବ୍ୟକ୍ତିବିଶେଷ ଦ୍ୱାରା ପରିକଳ୍ପନା ଏକ ଉଦ୍ଭଟ ଚିନ୍ତାଧାରା, ଯାହା ପ୍ରତ୍ୟେକ ହିନ୍ଦୁର ଧାର୍ମିକ ଭାବଧାରାକୁ ଆଘାତ କରିଛି । ତେଣୁ ସରକାର ଓ ପ୍ରଶାସନ ଏହି ଉଦ୍ୟମକୁ ପ୍ରତିହତ କରିବା ପାଇଁ ଆଗେଇ ଆସିବା ନିଶ୍ଚିତ ଭାବେ ସ୍ୱାଗତଯୋଗ୍ୟ । କୋର୍ଟଙ୍କ ନିର୍ଦ୍ଦେଶ କ୍ରମେ ସରକାରଙ୍କ ସର୍ବୋଚ୍ଚ ରାଜସ୍ୱ ଅଧିକାରୀ ଓ ବରିଷ୍ଠ ପ୍ରଶାସକମାନେ ଏ ବିଷୟରେ ଅନୁଧ୍ୟାନ ଜାରି ରଖିଛନ୍ତି । ସଂସ୍ଥା ବା ବ୍ୟକ୍ତିବିଶେଷ ଦ୍ୱାରା ପରିକଳ୍ପନା ଏକ ଉଦ୍ଭଟ ଚିନ୍ତାଧାରା, ଯାହା ପ୍ରତ୍ୟେକ ହିନ୍ଦୁର ଧାର୍ମିକ ଭାବଧାରାକୁ ଆଘାତ କରିଛି । ତେଣୁ ସରକାର ଓ ପ୍ରଶାସନ ଏହି ଉଦ୍ୟମକୁ ପ୍ରତିହତ କରିବା ପାଇଁ ଆଗେଇ ଆସିବା ନିଶ୍ଚିତ ଭାବେ ସ୍ୱାଗତଯୋଗ୍ୟ । କୋର୍ଟଙ୍କ ନିର୍ଦ୍ଦେଶ କ୍ରମେ ସରକାରଙ୍କ ସର୍ବୋଚ୍ଚ ରାଜସ୍ୱ ଅଧିକାରୀ ଓ ବରିଷ୍ଠ
୨୦୫, ଶହୀଦ ନଗର, ଭୁବନେଶ୍ୱର, ମୋ: ୯୪୩୭୦୨୨୨୨୩
